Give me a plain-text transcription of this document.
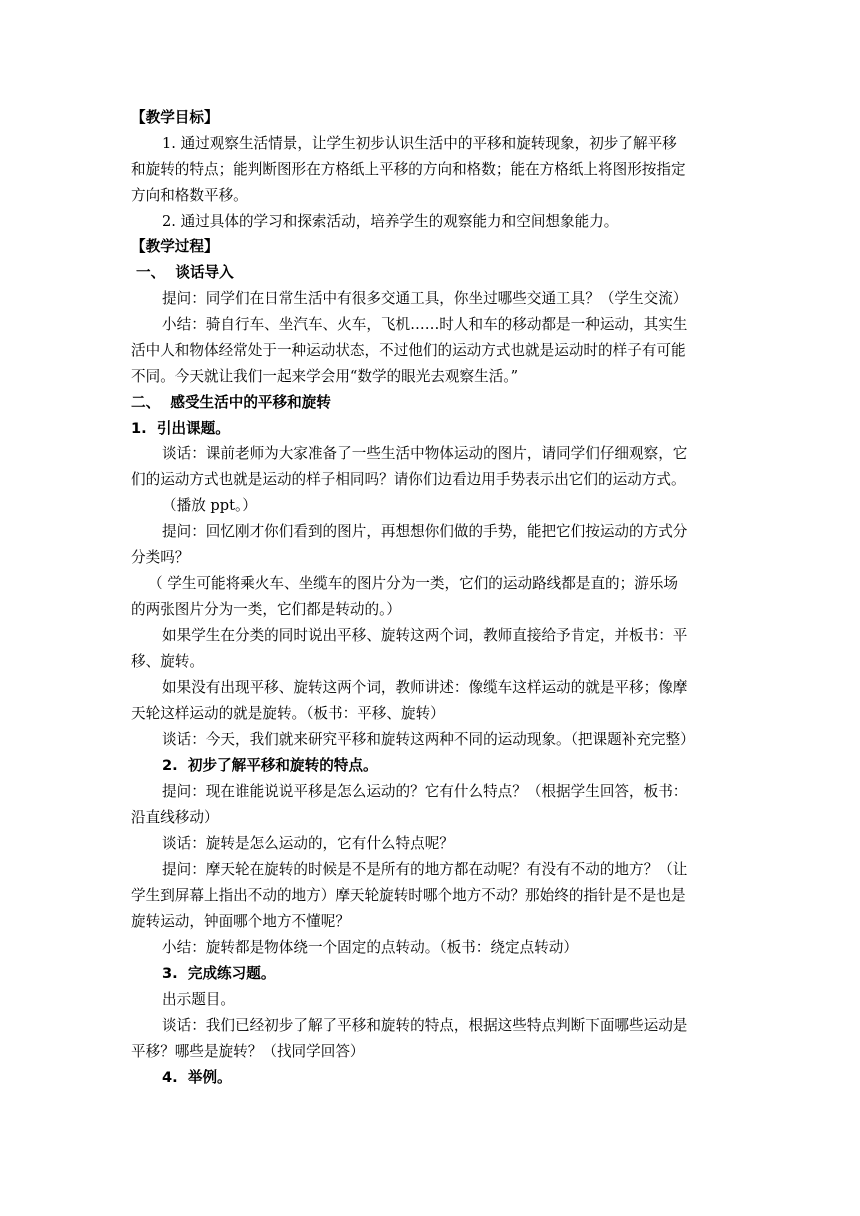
【教学目标】
1. 通过观察生活情景，让学生初步认识生活中的平移和旋转现象，初步了解平移
和旋转的特点；能判断图形在方格纸上平移的方向和格数；能在方格纸上将图形按指定
方向和格数平移。
2. 通过具体的学习和探索活动，培养学生的观察能力和空间想象能力。
【教学过程】
一、  谈话导入
提问：同学们在日常生活中有很多交通工具，你坐过哪些交通工具？（学生交流）
小结：骑自行车、坐汽车、火车，飞机……时人和车的移动都是一种运动，其实生
活中人和物体经常处于一种运动状态，不过他们的运动方式也就是运动时的样子有可能
不同。今天就让我们一起来学会用“数学的眼光去观察生活。”
二、  感受生活中的平移和旋转
1.  引出课题。
谈话：课前老师为大家准备了一些生活中物体运动的图片，请同学们仔细观察，它
们的运动方式也就是运动的样子相同吗？请你们边看边用手势表示出它们的运动方式。
（播放 ppt。）
提问：回忆刚才你们看到的图片，再想想你们做的手势，能把它们按运动的方式分
分类吗？
（ 学生可能将乘火车、坐缆车的图片分为一类，它们的运动路线都是直的；游乐场
的两张图片分为一类，它们都是转动的。）
如果学生在分类的同时说出平移、旋转这两个词，教师直接给予肯定，并板书：平
移、旋转。
如果没有出现平移、旋转这两个词，教师讲述：像缆车这样运动的就是平移；像摩
天轮这样运动的就是旋转。（板书：平移、旋转）
谈话：今天，我们就来研究平移和旋转这两种不同的运动现象。（把课题补充完整）
2.  初步了解平移和旋转的特点。
提问：现在谁能说说平移是怎么运动的？它有什么特点？（根据学生回答，板书：
沿直线移动）
谈话：旋转是怎么运动的，它有什么特点呢？
提问：摩天轮在旋转的时候是不是所有的地方都在动呢？有没有不动的地方？（让
学生到屏幕上指出不动的地方）摩天轮旋转时哪个地方不动？那始终的指针是不是也是
旋转运动，钟面哪个地方不懂呢？
小结：旋转都是物体绕一个固定的点转动。（板书：绕定点转动）
3.  完成练习题。
出示题目。
谈话：我们已经初步了解了平移和旋转的特点，根据这些特点判断下面哪些运动是
平移？哪些是旋转？（找同学回答）
4.  举例。
